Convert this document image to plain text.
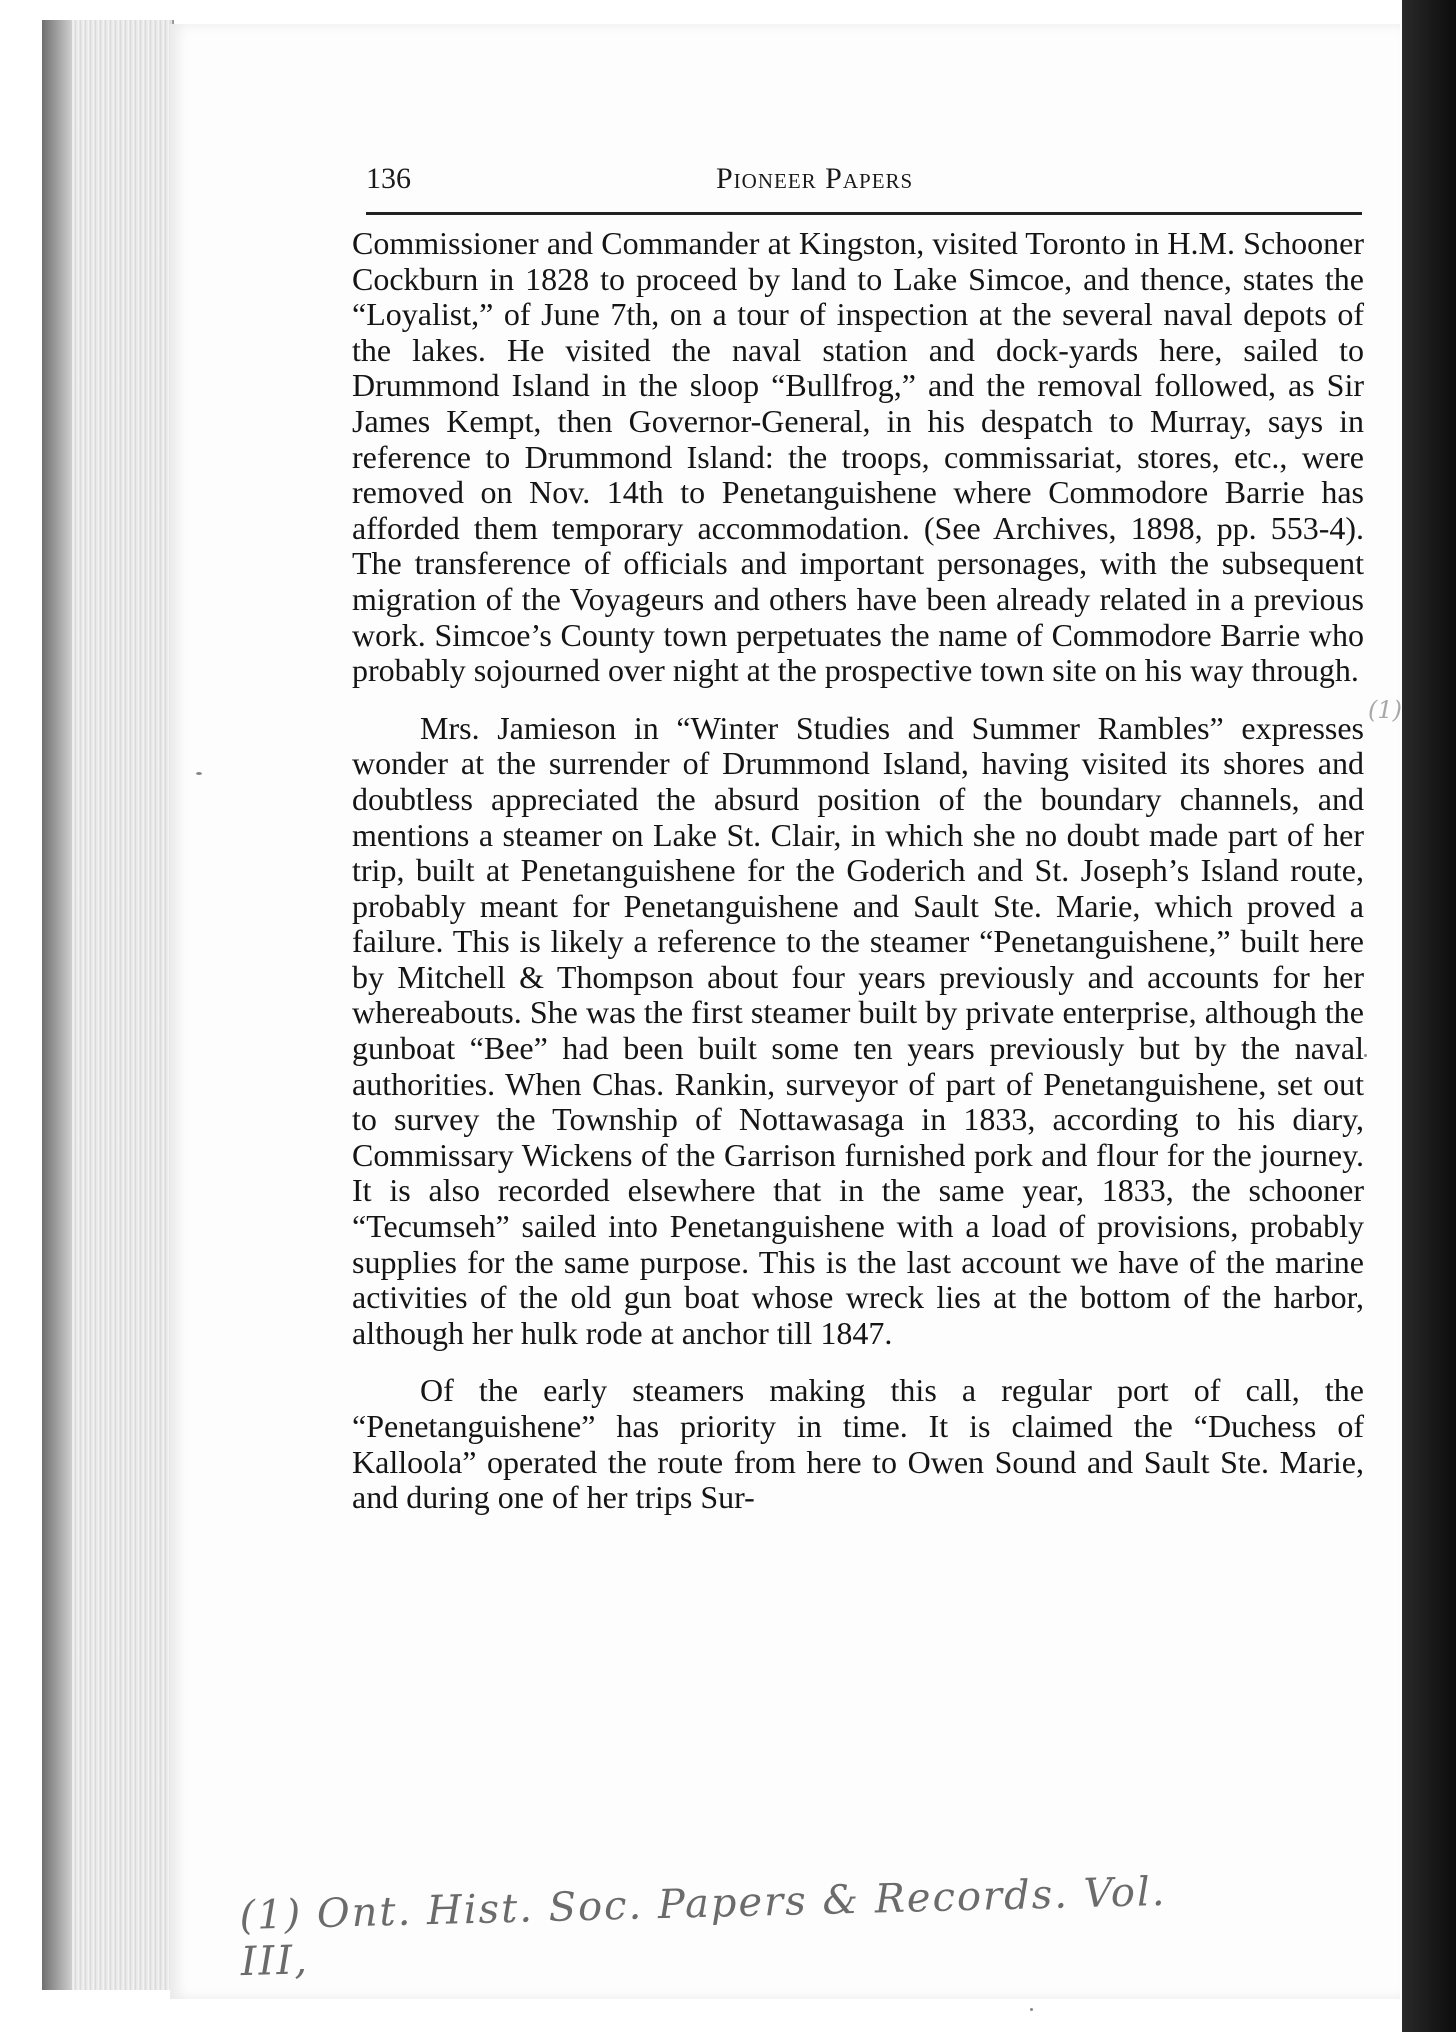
136	Pioneer Papers

Commissioner and Commander at Kingston, visited Toronto in H.M. Schooner Cockburn in 1828 to proceed by land to Lake Simcoe, and thence, states the “Loyalist,” of June 7th, on a tour of inspection at the several naval depots of the lakes. He visited the naval station and dock-yards here, sailed to Drummond Island in the sloop “Bullfrog,” and the removal followed, as Sir James Kempt, then Governor-General, in his despatch to Murray, says in reference to Drummond Island: the troops, commissariat, stores, etc., were removed on Nov. 14th to Penetanguishene where Commodore Barrie has afforded them temporary accommodation. (See Archives, 1898, pp. 553-4). The transference of officials and important personages, with the subsequent migration of the Voyageurs and others have been already related in a previous work. Simcoe’s County town perpetuates the name of Commodore Barrie who probably sojourned over night at the prospective town site on his way through.

Mrs. Jamieson in “Winter Studies and Summer Rambles” expresses wonder at the surrender of Drummond Island, having visited its shores and doubtless appreciated the absurd position of the boundary channels, and mentions a steamer on Lake St. Clair, in which she no doubt made part of her trip, built at Penetanguishene for the Goderich and St. Joseph’s Island route, probably meant for Penetanguishene and Sault Ste. Marie, which proved a failure. This is likely a reference to the steamer “Penetanguishene,” built here by Mitchell & Thompson about four years previously and accounts for her whereabouts. She was the first steamer built by private enterprise, although the gunboat “Bee” had been built some ten years previously but by the naval authorities. When Chas. Rankin, surveyor of part of Penetanguishene, set out to survey the Township of Nottawasaga in 1833, according to his diary, Commissary Wickens of the Garrison furnished pork and flour for the journey. It is also recorded elsewhere that in the same year, 1833, the schooner “Tecumseh” sailed into Penetanguishene with a load of provisions, probably supplies for the same purpose. This is the last account we have of the marine activities of the old gun boat whose wreck lies at the bottom of the harbor, although her hulk rode at anchor till 1847.

Of the early steamers making this a regular port of call, the “Penetanguishene” has priority in time. It is claimed the “Duchess of Kalloola” operated the route from here to Owen Sound and Sault Ste. Marie, and during one of her trips Sur-

(1)
(1) Ont. Hist. Soc. Papers & Records. Vol. III,
